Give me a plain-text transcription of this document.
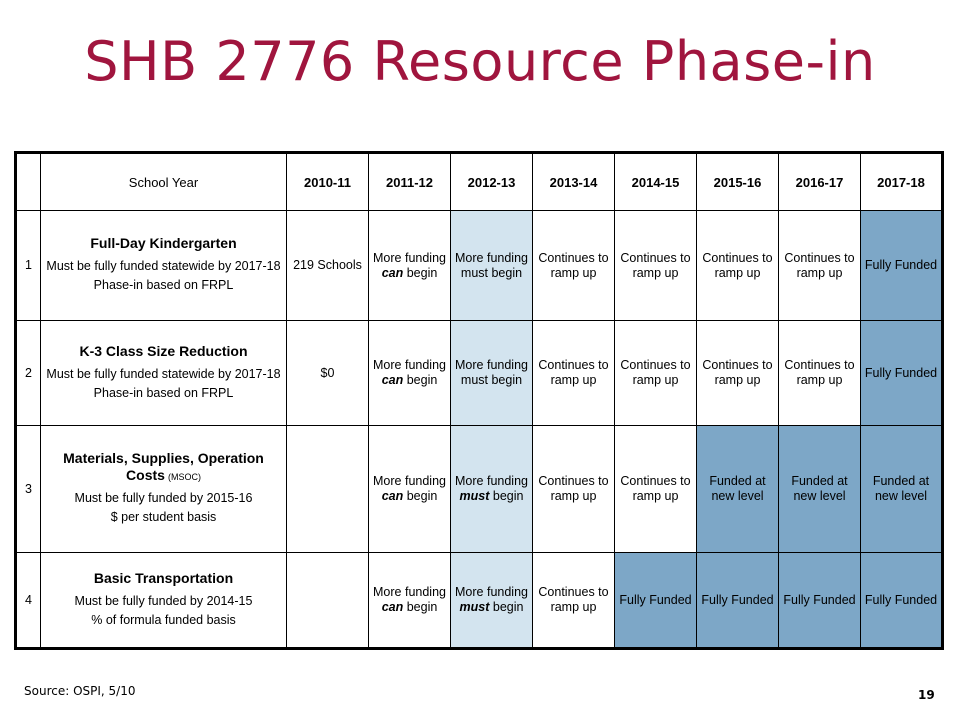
SHB 2776 Resource Phase-in
	School Year	2010-11	2011-12	2012-13	2013-14	2014-15	2015-16	2016-17	2017-18
1	Full-Day Kindergarten
Must be fully funded statewide by 2017-18
Phase-in based on FRPL	219 Schools	More funding can begin	More funding must begin	Continues to ramp up	Continues to ramp up	Continues to ramp up	Continues to ramp up	Fully Funded
2	K-3 Class Size Reduction
Must be fully funded statewide by 2017-18
Phase-in based on FRPL	$0	More funding can begin	More funding must begin	Continues to ramp up	Continues to ramp up	Continues to ramp up	Continues to ramp up	Fully Funded
3	Materials, Supplies, Operation Costs (MSOC)
Must be fully funded by 2015-16
$ per student basis		More funding can begin	More funding must begin	Continues to ramp up	Continues to ramp up	Funded at new level	Funded at new level	Funded at new level
4	Basic Transportation
Must be fully funded by 2014-15
% of formula funded basis		More funding can begin	More funding must begin	Continues to ramp up	Fully Funded	Fully Funded	Fully Funded	Fully Funded
Source: OSPI, 5/10	19
